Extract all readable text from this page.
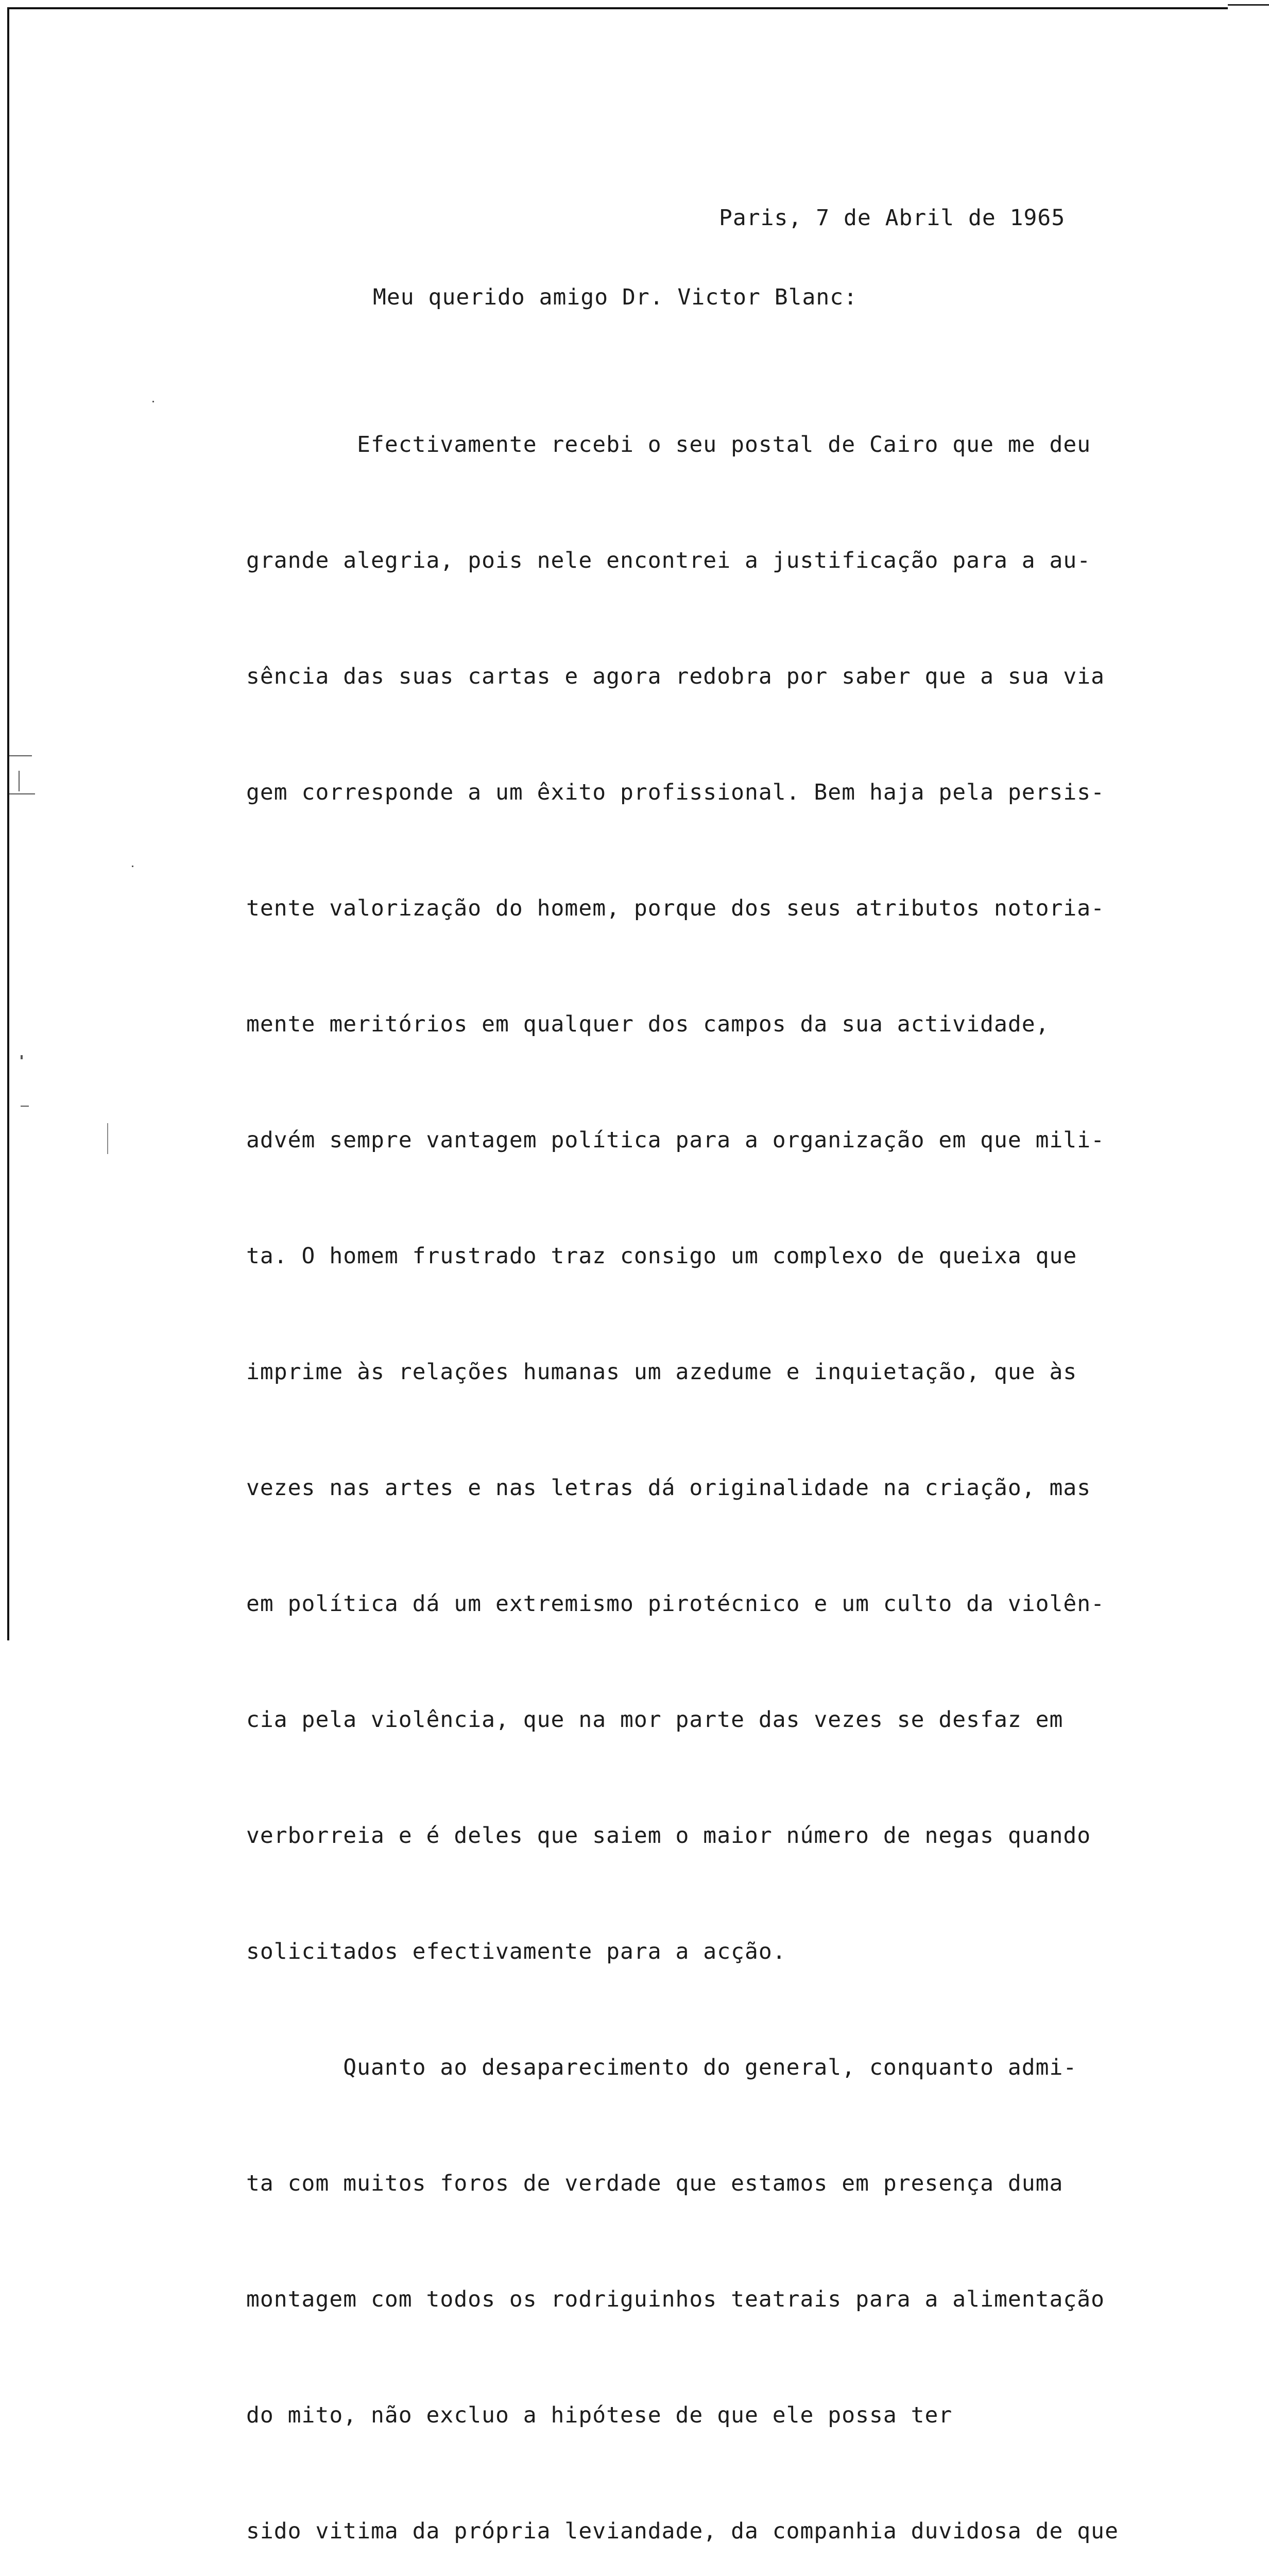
Paris, 7 de Abril de 1965
Meu querido amigo Dr. Victor Blanc:

Efectivamente recebi o seu postal de Cairo que me deu

grande alegria, pois nele encontrei a justificação para a au-

sência das suas cartas e agora redobra por saber que a sua via

gem corresponde a um êxito profissional. Bem haja pela persis-

tente valorização do homem, porque dos seus atributos notoria-

mente meritórios em qualquer dos campos da sua actividade,

advém sempre vantagem política para a organização em que mili-

ta. O homem frustrado traz consigo um complexo de queixa que

imprime às relações humanas um azedume e inquietação, que às

vezes nas artes e nas letras dá originalidade na criação, mas

em política dá um extremismo pirotécnico e um culto da violên-

cia pela violência, que na mor parte das vezes se desfaz em

verborreia e é deles que saiem o maior número de negas quando

solicitados efectivamente para a acção.

Quanto ao desaparecimento do general, conquanto admi-

ta com muitos foros de verdade que estamos em presença duma

montagem com todos os rodriguinhos teatrais para a alimentação

do mito, não excluo a hipótese de que ele possa ter

sido vitima da própria leviandade, da companhia duvidosa de que
